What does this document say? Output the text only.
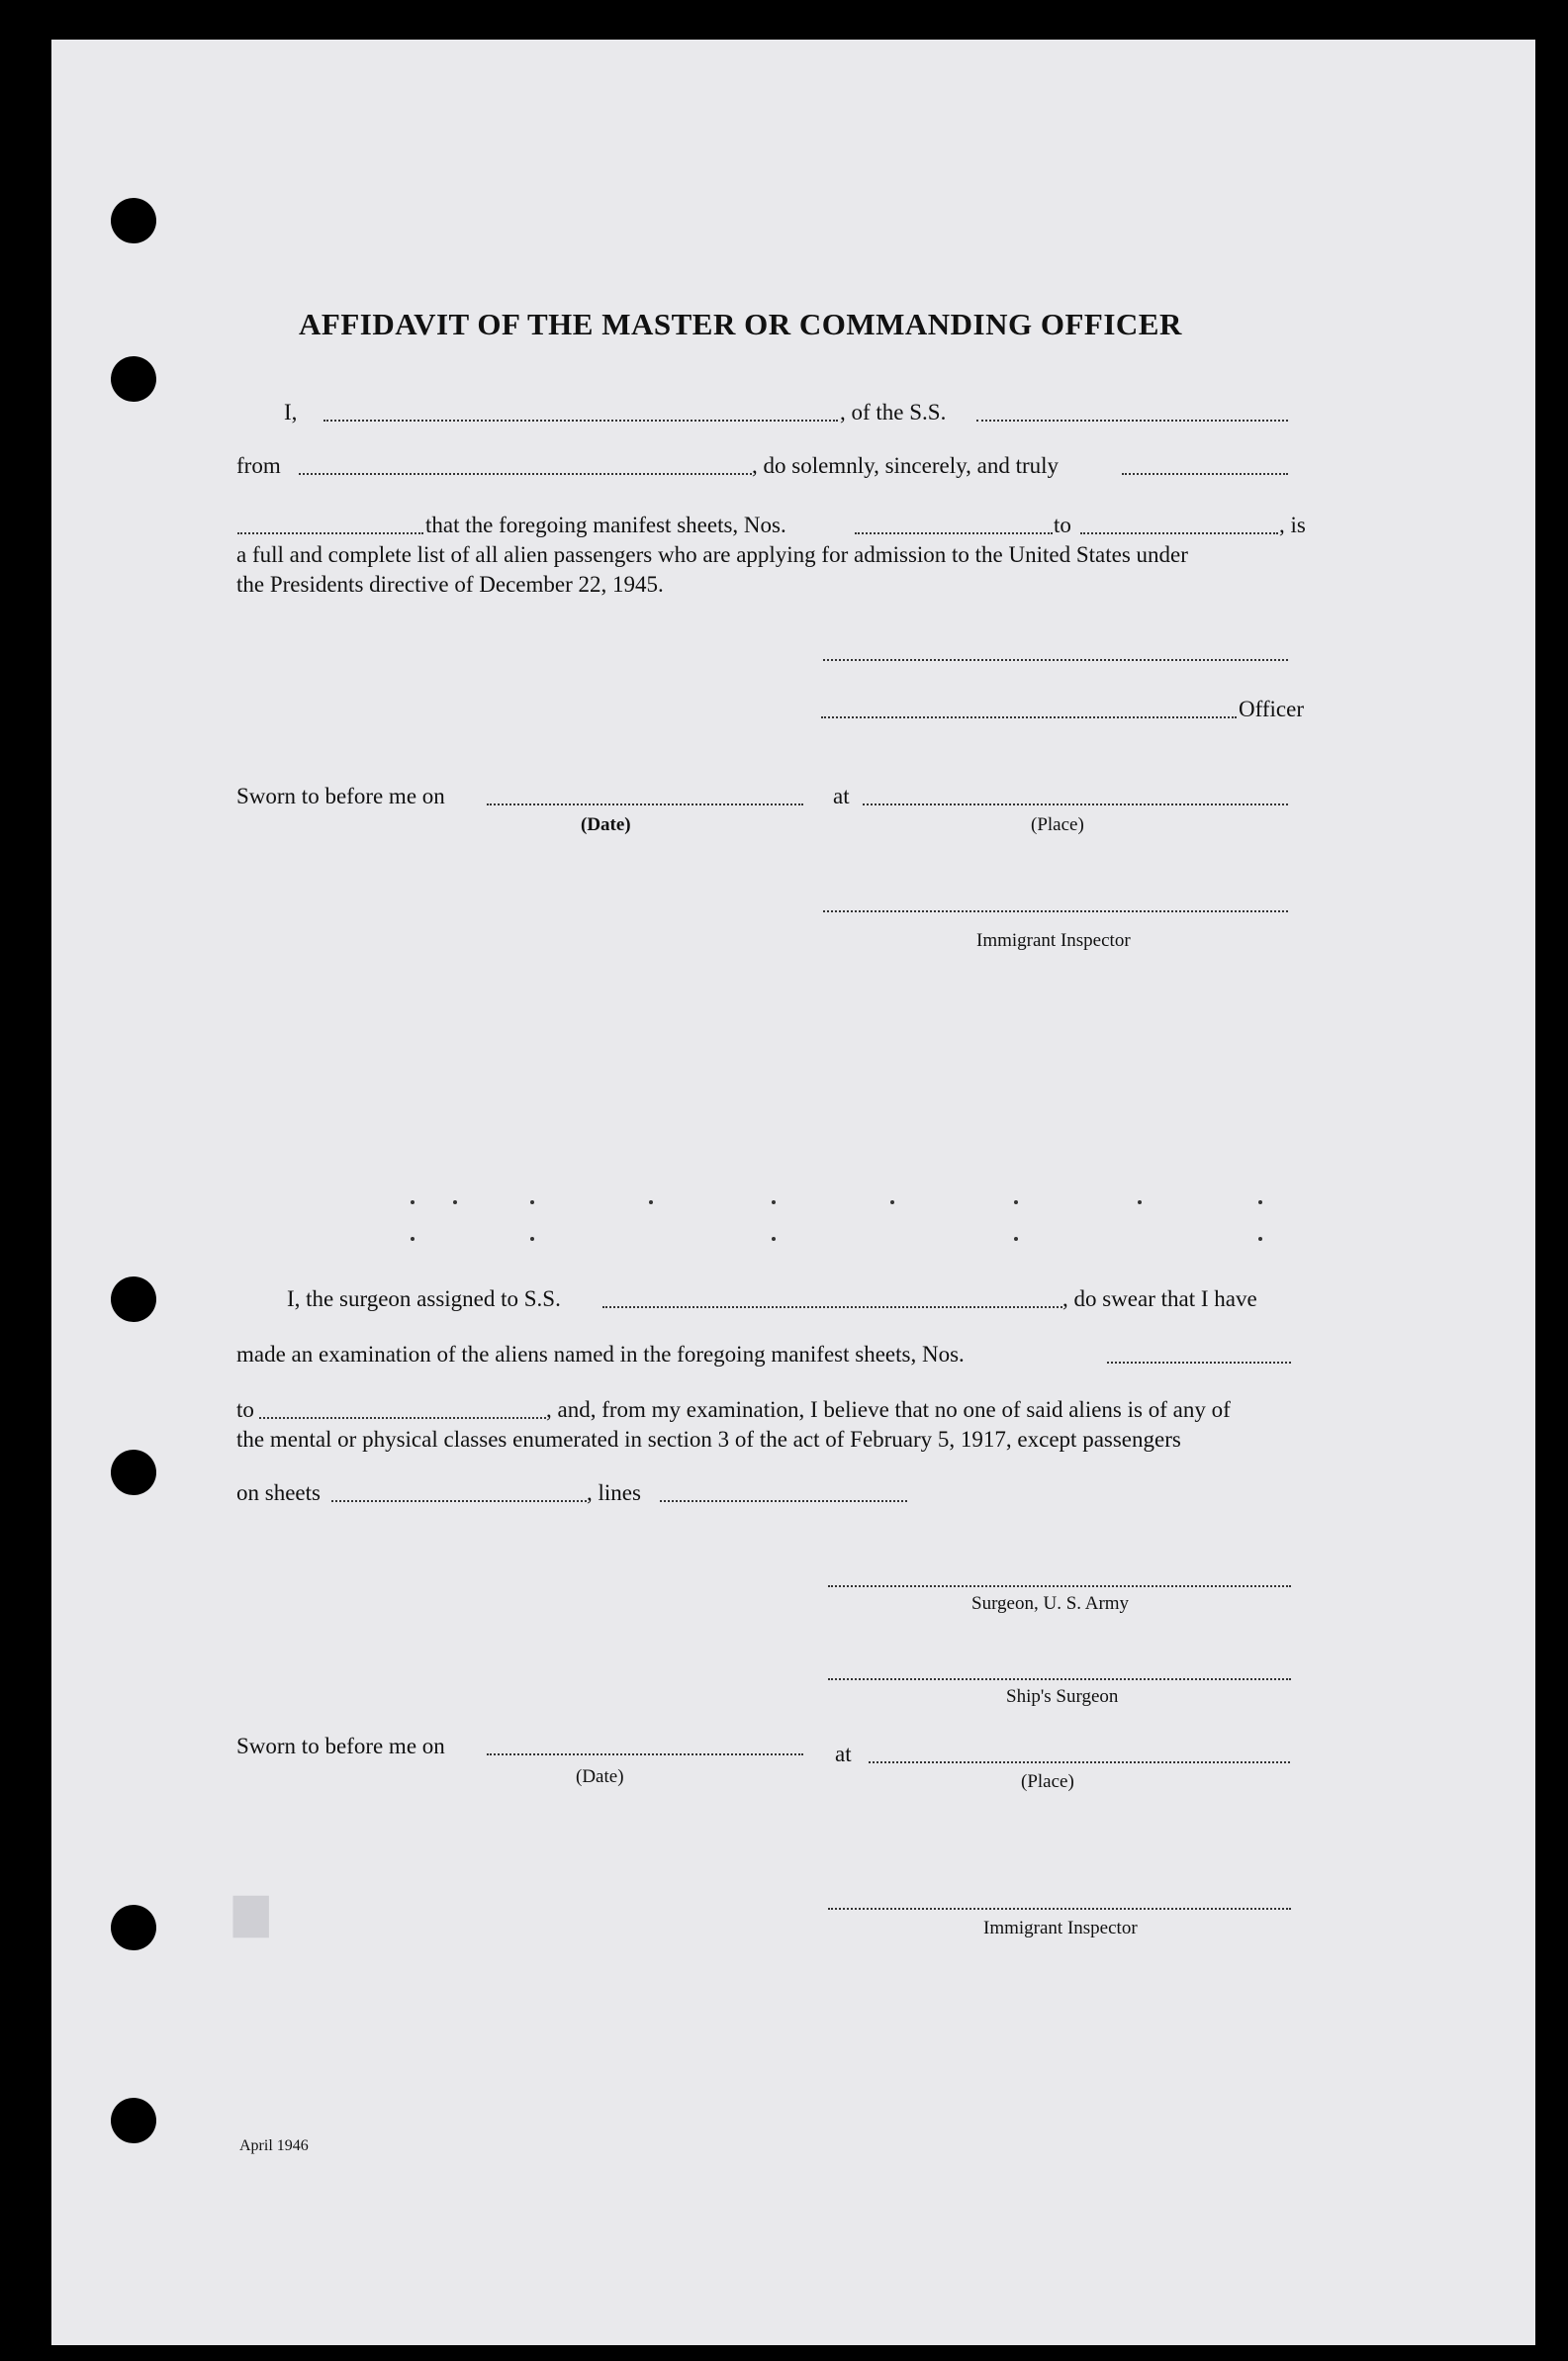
██
AFFIDAVIT OF THE MASTER OR COMMANDING OFFICER
I,	, of the S.S.
from	, do solemnly, sincerely, and truly
that the foregoing manifest sheets, Nos.	to	, is
a full and complete list of all alien passengers who are applying for admission to the United States under
the Presidents directive of December 22, 1945.
Officer
Sworn to before me on	at
(Date)	(Place)
Immigrant Inspector
I, the surgeon assigned to S.S.	, do swear that I have
made an examination of the aliens named in the foregoing manifest sheets, Nos.
to	, and, from my examination, I believe that no one of said aliens is of any of
the mental or physical classes enumerated in section 3 of the act of February 5, 1917, except passengers
on sheets	, lines
Surgeon, U. S. Army
Ship's Surgeon
Sworn to before me on	at
(Date)	(Place)
Immigrant Inspector
April 1946
